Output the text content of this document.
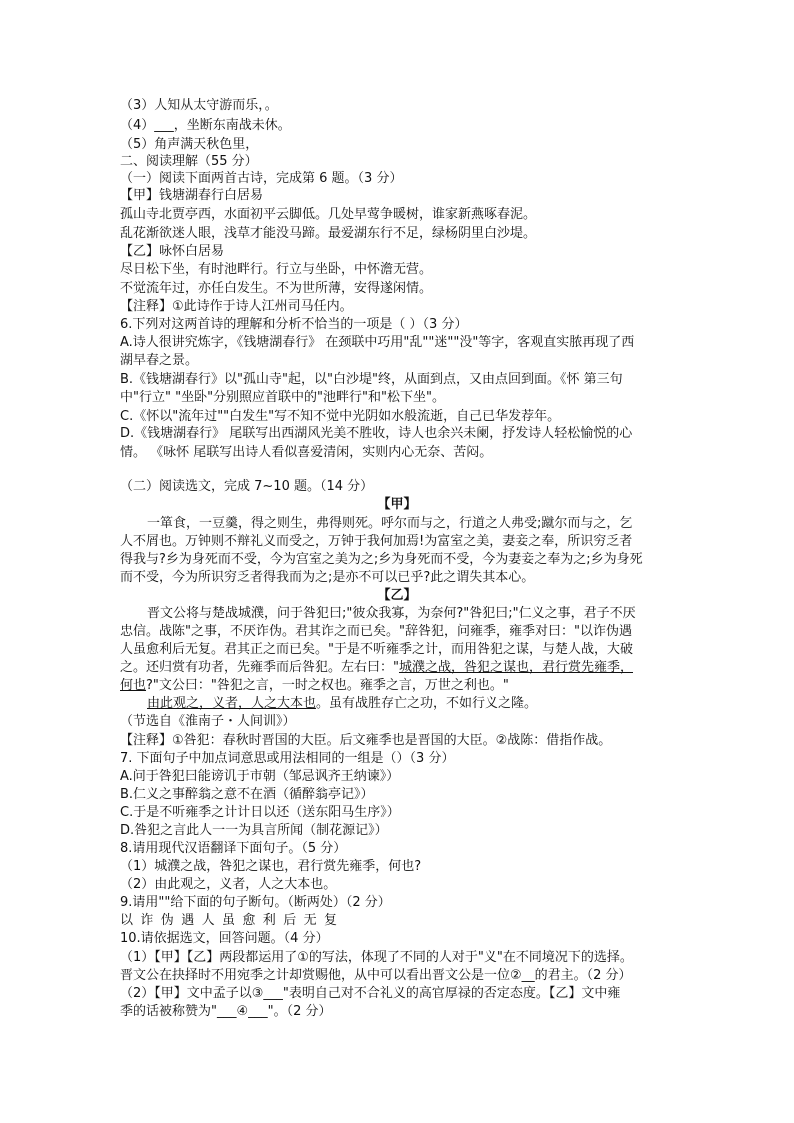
（3）人知从太守游而乐，。
（4）___，坐断东南战未休。
（5）角声满天秋色里，
二、阅读理解（55 分）
（一）阅读下面两首古诗，完成第 6 题。（3 分）
【甲】钱塘湖春行白居易
孤山寺北贾亭西，水面初平云脚低。几处早莺争暖树，谁家新燕啄春泥。
乱花渐欲迷人眼，浅草才能没马蹄。最爱湖东行不足，绿杨阴里白沙堤。
【乙】咏怀白居易
尽日松下坐，有时池畔行。行立与坐卧，中怀澹无营。
不觉流年过，亦任白发生。不为世所薄，安得遂闲情。
【注释】①此诗作于诗人江州司马任内。
6.下列对这两首诗的理解和分析不恰当的一项是（ ）（3 分）
A.诗人很讲究炼字，《钱塘湖春行》 在颈联中巧用"乱""迷""没"等字，客观直实脓再现了西
湖早春之景。
B.《钱塘湖春行》以"孤山寺"起，以"白沙堤"终，从面到点，又由点回到面。《怀 第三句
中"行立" "坐卧"分别照应首联中的"池畔行"和"松下坐"。
C.《怀以"流年过""白发生"写不知不觉中光阴如水般流逝，自己已华发荐年。
D.《钱塘湖春行》 尾联写出西湖风光美不胜收，诗人也余兴未阑，抒发诗人轻松愉悦的心
情。 《咏怀 尾联写出诗人看似喜爱清闲，实则内心无奈、苦闷。
（二）阅读选文，完成 7~10 题。（14 分）
【甲】
一箪食，一豆羹，得之则生，弗得则死。呼尔而与之，行道之人弗受;蹴尔而与之，乞
人不屑也。万钟则不辩礼义而受之，万钟于我何加焉!为富室之美，妻妾之奉，所识穷乏者
得我与?乡为身死而不受，今为宫室之美为之;乡为身死而不受，今为妻妾之奉为之;乡为身死
而不受，今为所识穷乏者得我而为之;是亦不可以已乎?此之谓失其本心。
【乙】
晋文公将与楚战城濮，问于咎犯曰;"彼众我寡，为奈何?"咎犯曰;"仁义之事，君子不厌
忠信。战陈"之事，不厌诈伪。君其诈之而已矣。"辞咎犯，问雍季，雍季对曰："以诈伪遇
人虽愈利后无复。君其正之而已矣。"于是不听雍季之计，而用咎犯之谋，与楚人战，大破
之。还归赏有功者，先雍季而后咎犯。左右曰："城濮之战，咎犯之谋也，君行赏先雍季，
何也?"文公曰："咎犯之言，一时之权也。雍季之言，万世之利也。"
由此观之，义者，人之大本也。虽有战胜存亡之功，不如行义之隆。
（节选自《淮南子・人间训》）
【注释】①咎犯：春秋时晋国的大臣。后文雍季也是晋国的大臣。②战陈：借指作战。
7. 下面句子中加点词意思或用法相同的一组是（）（3 分）
A.问于咎犯曰能谤讥于市朝（邹忌讽齐王纳谏》）
B.仁义之事醉翁之意不在酒（循醉翁亭记》）
C.于是不听雍季之计计日以还（送东阳马生序》）
D.咎犯之言此人一一为具言所闻（制花源记》）
8.请用现代汉语翻译下面句子。（5 分）
（1）城濮之战，咎犯之谋也，君行赏先雍季，何也?
（2）由此观之，义者，人之大本也。
9.请用""给下面的句子断句。（断两处）（2 分）
以诈伪遇人虽愈利后无复
10.请依据选文，回答问题。（4 分）
（1）【甲】【乙】两段都运用了①的写法，体现了不同的人对于"义"在不同境况下的选择。
晋文公在抉择时不用宛季之计却赏赐他，从中可以看出晋文公是一位②__的君主。（2 分）
（2）【甲】文中孟子以③___"表明自己对不合礼义的高官厚禄的否定态度。【乙】文中雍
季的话被称赞为"___④___"。（2 分）
